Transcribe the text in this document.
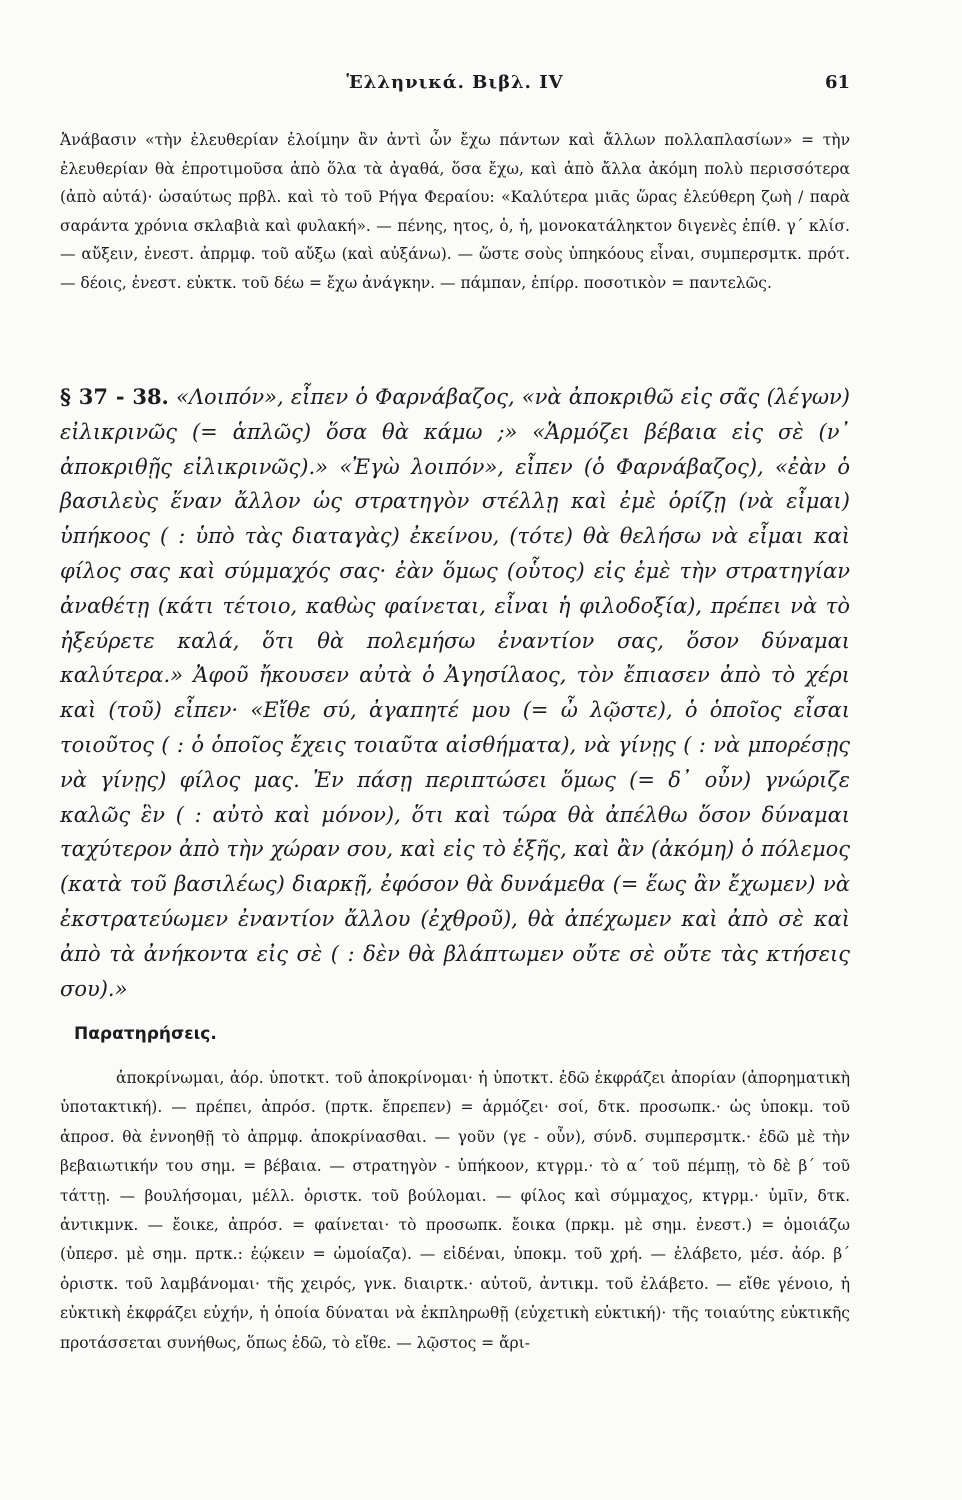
Ἑλληνικά. Βιβλ. IV	61

Ἀνάβασιν «τὴν ἐλευθερίαν ἐλοίμην ἂν ἀντὶ ὧν ἔχω πάντων καὶ ἄλλων πολλαπλασίων» = τὴν ἐλευθερίαν θὰ ἐπροτιμοῦσα ἀπὸ ὅλα τὰ ἀγαθά, ὅσα ἔχω, καὶ ἀπὸ ἄλλα ἀκόμη πολὺ περισσότερα (ἀπὸ αὐτά)· ὡσαύτως πρβλ. καὶ τὸ τοῦ Ρήγα Φεραίου: «Καλύτερα μιᾶς ὥρας ἐλεύθερη ζωὴ / παρὰ σαράντα χρόνια σκλαβιὰ καὶ φυλακή». — πένης, ητος, ὁ, ἡ, μονοκατάληκτον διγενὲς ἐπίθ. γ΄ κλίσ. — αὔξειν, ἐνεστ. ἀπρμφ. τοῦ αὔξω (καὶ αὐξάνω). — ὥστε σοὺς ὑπηκόους εἶναι, συμπερσμτκ. πρότ. — δέοις, ἐνεστ. εὐκτκ. τοῦ δέω = ἔχω ἀνάγκην. — πάμπαν, ἐπίρρ. ποσοτικὸν = παντελῶς.

§ 37 - 38. «Λοιπόν», εἶπεν ὁ Φαρνάβαζος, «νὰ ἀποκριθῶ εἰς σᾶς (λέγων) εἰλικρινῶς (= ἁπλῶς) ὅσα θὰ κάμω ;» «Ἁρμόζει βέβαια εἰς σὲ (ν᾽ ἀποκριθῇς εἰλικρινῶς).» «Ἐγὼ λοιπόν», εἶπεν (ὁ Φαρνάβαζος), «ἐὰν ὁ βασιλεὺς ἕναν ἄλλον ὡς στρατηγὸν στέλλῃ καὶ ἐμὲ ὁρίζῃ (νὰ εἶμαι) ὑπήκοος ( : ὑπὸ τὰς διαταγὰς) ἐκείνου, (τότε) θὰ θελήσω νὰ εἶμαι καὶ φίλος σας καὶ σύμμαχός σας· ἐὰν ὅμως (οὗτος) εἰς ἐμὲ τὴν στρατηγίαν ἀναθέτῃ (κάτι τέτοιο, καθὼς φαίνεται, εἶναι ἡ φιλοδοξία), πρέπει νὰ τὸ ἠξεύρετε καλά, ὅτι θὰ πολεμήσω ἐναντίον σας, ὅσον δύναμαι καλύτερα.» Ἀφοῦ ἤκουσεν αὐτὰ ὁ Ἀγησίλαος, τὸν ἔπιασεν ἀπὸ τὸ χέρι καὶ (τοῦ) εἶπεν· «Εἴθε σύ, ἀγαπητέ μου (= ὦ λῷστε), ὁ ὁποῖος εἶσαι τοιοῦτος ( : ὁ ὁποῖος ἔχεις τοιαῦτα αἰσθήματα), νὰ γίνῃς ( : νὰ μπορέσῃς νὰ γίνῃς) φίλος μας. Ἐν πάσῃ περιπτώσει ὅμως (= δ᾽ οὖν) γνώριζε καλῶς ἓν ( : αὐτὸ καὶ μόνον), ὅτι καὶ τώρα θὰ ἀπέλθω ὅσον δύναμαι ταχύτερον ἀπὸ τὴν χώραν σου, καὶ εἰς τὸ ἑξῆς, καὶ ἂν (ἀκόμη) ὁ πόλεμος (κατὰ τοῦ βασιλέως) διαρκῇ, ἐφόσον θὰ δυνάμεθα (= ἕως ἂν ἔχωμεν) νὰ ἐκστρατεύωμεν ἐναντίον ἄλλου (ἐχθροῦ), θὰ ἀπέχωμεν καὶ ἀπὸ σὲ καὶ ἀπὸ τὰ ἀνήκοντα εἰς σὲ ( : δὲν θὰ βλάπτωμεν οὔτε σὲ οὔτε τὰς κτήσεις σου).»

Παρατηρήσεις.

ἀποκρίνωμαι, ἀόρ. ὑποτκτ. τοῦ ἀποκρίνομαι· ἡ ὑποτκτ. ἐδῶ ἐκφράζει ἀπορίαν (ἀπορηματικὴ ὑποτακτική). — πρέπει, ἀπρόσ. (πρτκ. ἔπρεπεν) = ἁρμόζει· σοί, δτκ. προσωπκ.· ὡς ὑποκμ. τοῦ ἀπροσ. θὰ ἐννοηθῇ τὸ ἀπρμφ. ἀποκρίνασθαι. — γοῦν (γε - οὖν), σύνδ. συμπερσμτκ.· ἐδῶ μὲ τὴν βεβαιωτικήν του σημ. = βέβαια. — στρατηγὸν - ὑπήκοον, κτγρμ.· τὸ α΄ τοῦ πέμπῃ, τὸ δὲ β΄ τοῦ τάττῃ. — βουλήσομαι, μέλλ. ὁριστκ. τοῦ βούλομαι. — φίλος καὶ σύμμαχος, κτγρμ.· ὑμῖν, δτκ. ἀντικμνκ. — ἔοικε, ἀπρόσ. = φαίνεται· τὸ προσωπκ. ἔοικα (πρκμ. μὲ σημ. ἐνεστ.) = ὁμοιάζω (ὑπερσ. μὲ σημ. πρτκ.: ἐῴκειν = ὡμοίαζα). — εἰδέναι, ὑποκμ. τοῦ χρή. — ἐλάβετο, μέσ. ἀόρ. β΄ ὁριστκ. τοῦ λαμβάνομαι· τῆς χειρός, γνκ. διαιρτκ.· αὐτοῦ, ἀντικμ. τοῦ ἐλάβετο. — εἴθε γένοιο, ἡ εὐκτικὴ ἐκφράζει εὐχήν, ἡ ὁποία δύναται νὰ ἐκπληρωθῇ (εὐχετικὴ εὐκτική)· τῆς τοιαύτης εὐκτικῆς προτάσσεται συνήθως, ὅπως ἐδῶ, τὸ εἴθε. — λῷστος = ἄρι-
